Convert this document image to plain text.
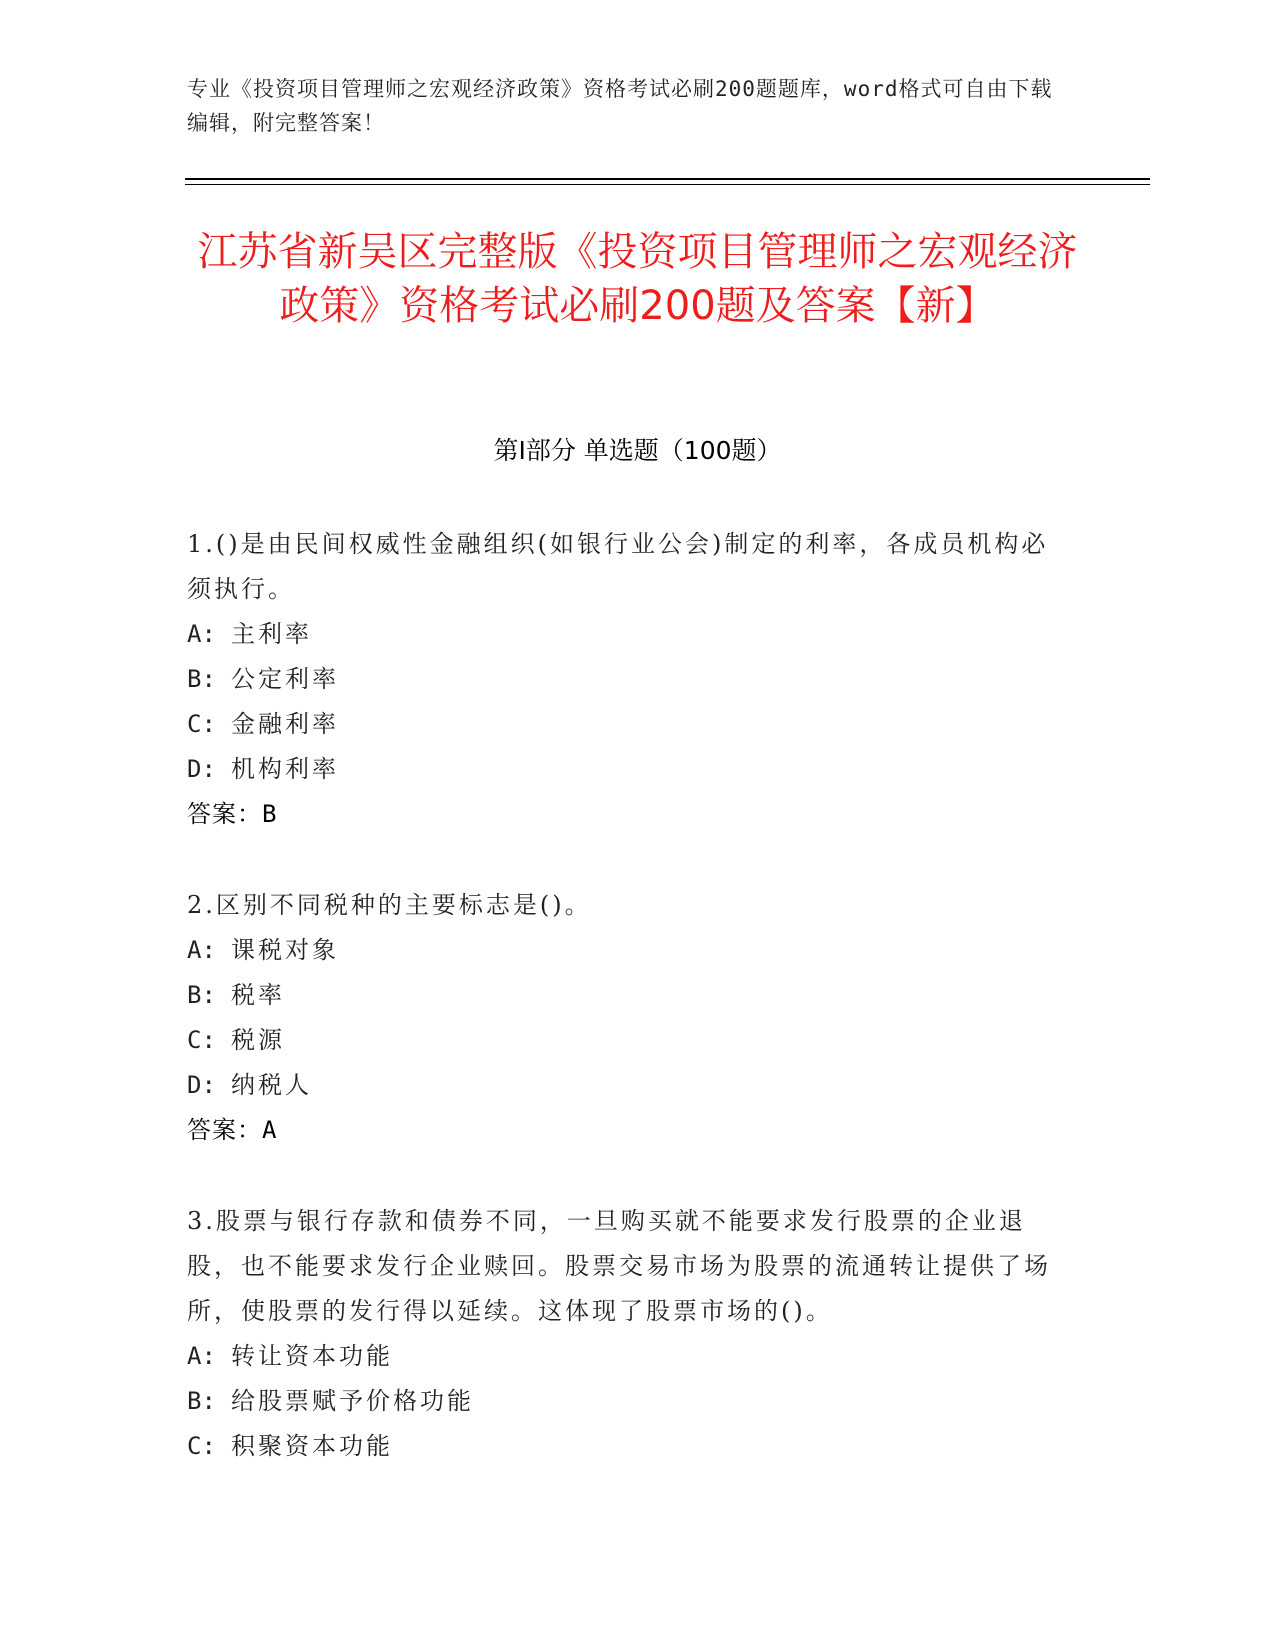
专业《投资项目管理师之宏观经济政策》资格考试必刷200题题库，word格式可自由下载编辑，附完整答案！
江苏省新吴区完整版《投资项目管理师之宏观经济政策》资格考试必刷200题及答案【新】
第I部分 单选题（100题）
1.()是由民间权威性金融组织(如银行业公会)制定的利率，各成员机构必须执行。
A: 主利率
B: 公定利率
C: 金融利率
D: 机构利率
答案：B
2.区别不同税种的主要标志是()。
A: 课税对象
B: 税率
C: 税源
D: 纳税人
答案：A
3.股票与银行存款和债券不同，一旦购买就不能要求发行股票的企业退股，也不能要求发行企业赎回。股票交易市场为股票的流通转让提供了场所，使股票的发行得以延续。这体现了股票市场的()。
A: 转让资本功能
B: 给股票赋予价格功能
C: 积聚资本功能
